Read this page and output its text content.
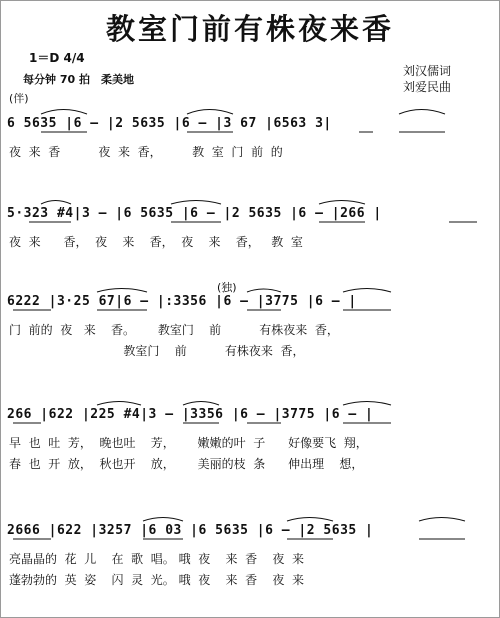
教室门前有株夜来香
1＝D 4/4
每分钟 70 拍　柔美地
(伴)
刘汉儒词
刘爱民曲
6 5635 |6 – |2 5635 |6 – |3 67 |6563 3|
夜  来  香          夜  来  香，        教  室  门  前  的
5·323 #4|3 – |6 5635 |6 – |2 5635 |6 – |266 |
夜  来      香，  夜    来    香，  夜    来    香，   教  室
(独)
6222 |3·25 67|6 – |:3356 |6 – |3775 |6 – |
门  前的  夜   来    香。      教室门    前          有株夜来  香，
教室门    前          有株夜来  香，
266 |622 |225 #4|3 – |3356 |6 – |3775 |6 – |
早  也  吐  芳，  晚也吐    芳，      嫩嫩的叶  子      好像要飞  翔，
春  也  开  放，  秋也开    放，      美丽的枝  条      伸出理    想，
2666 |622 |3257 |6 03 |6 5635 |6 – |2 5635 |
亮晶晶的  花  儿    在  歌  唱。 哦  夜    来  香    夜  来
蓬勃勃的  英  姿    闪  灵  光。 哦  夜    来  香    夜  来
